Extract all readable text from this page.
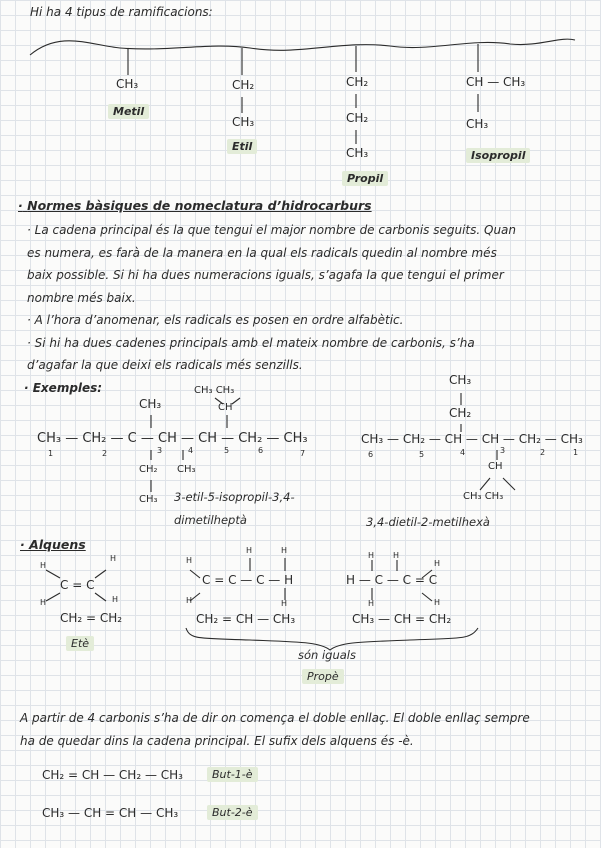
Hi ha 4 tipus de ramificacions:
CH₃
Metil
CH₂
CH₃
Etil
CH₂
CH₂
CH₃
Propil
CH — CH₃
CH₃
Isopropil
· Normes bàsiques de nomeclatura d’hidrocarburs
· La cadena principal és la que tengui el major nombre de carbonis seguits. Quan
es numera, es farà de la manera en la qual els radicals quedin al nombre més
baix possible. Si hi ha dues numeracions iguals, s’agafa la que tengui el primer
nombre més baix.
· A l’hora d’anomenar, els radicals es posen en ordre alfabètic.
· Si hi ha dues cadenes principals amb el mateix nombre de carbonis, s’ha
d’agafar la que deixi els radicals més senzills.
· Exemples:	CH₃ CH₃
CH
CH₃
CH₃ — CH₂ — C — CH — CH — CH₂ — CH₃
CH₂
CH₃
CH₃
1	2	3	4	5	6	7
3-etil-5-isopropil-3,4-
dimetilheptà
CH₃
CH₂
CH₃ — CH₂ — CH — CH — CH₂ — CH₃
CH
CH₃ CH₃
6	5	4	3	2	1
3,4-dietil-2-metilhexà
· Alquens
H
H
H	H
C = C
CH₂ = CH₂
Etè
H
H	H
H	H
C = C — C — H
CH₂ = CH — CH₃
H H
H
H	H
H — C — C = C
CH₃ — CH = CH₂
són iguals
Propè
A partir de 4 carbonis s’ha de dir on comença el doble enllaç. El doble enllaç sempre
ha de quedar dins la cadena principal. El sufix dels alquens és -è.
CH₂ = CH — CH₂ — CH₃	But-1-è
CH₃ — CH = CH — CH₃	But-2-è
